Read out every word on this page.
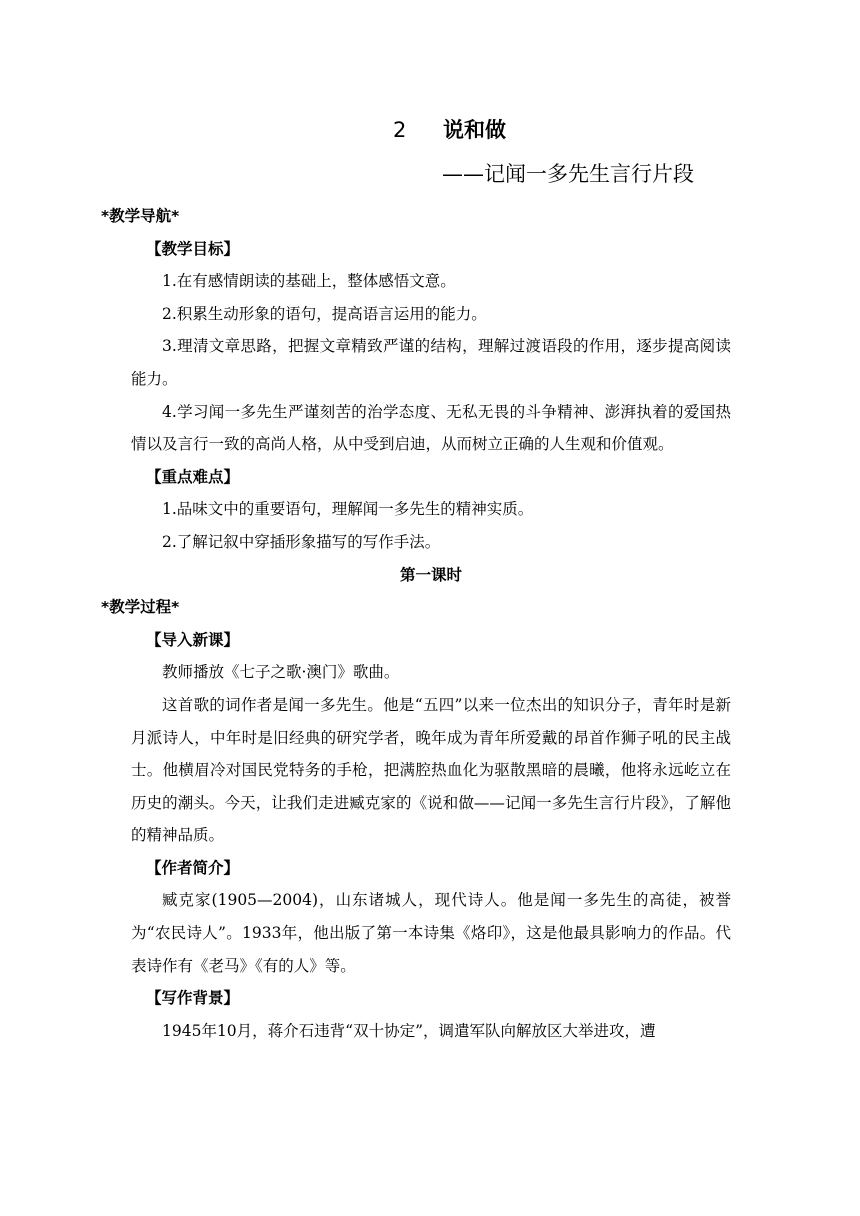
2 说和做
——记闻一多先生言行片段
*教学导航*
【教学目标】
1.在有感情朗读的基础上，整体感悟文意。
2.积累生动形象的语句，提高语言运用的能力。
3.理清文章思路，把握文章精致严谨的结构，理解过渡语段的作用，逐步提高阅读能力。
4.学习闻一多先生严谨刻苦的治学态度、无私无畏的斗争精神、澎湃执着的爱国热情以及言行一致的高尚人格，从中受到启迪，从而树立正确的人生观和价值观。
【重点难点】
1.品味文中的重要语句，理解闻一多先生的精神实质。
2.了解记叙中穿插形象描写的写作手法。
第一课时
*教学过程*
【导入新课】
教师播放《七子之歌·澳门》歌曲。
这首歌的词作者是闻一多先生。他是“五四”以来一位杰出的知识分子，青年时是新月派诗人，中年时是旧经典的研究学者，晚年成为青年所爱戴的昂首作狮子吼的民主战士。他横眉冷对国民党特务的手枪，把满腔热血化为驱散黑暗的晨曦，他将永远屹立在历史的潮头。今天，让我们走进臧克家的《说和做——记闻一多先生言行片段》，了解他的精神品质。
【作者简介】
臧克家(1905—2004)，山东诸城人，现代诗人。他是闻一多先生的高徒，被誉为“农民诗人”。1933年，他出版了第一本诗集《烙印》，这是他最具影响力的作品。代表诗作有《老马》《有的人》等。
【写作背景】
1945年10月，蒋介石违背“双十协定”，调遣军队向解放区大举进攻，遭
